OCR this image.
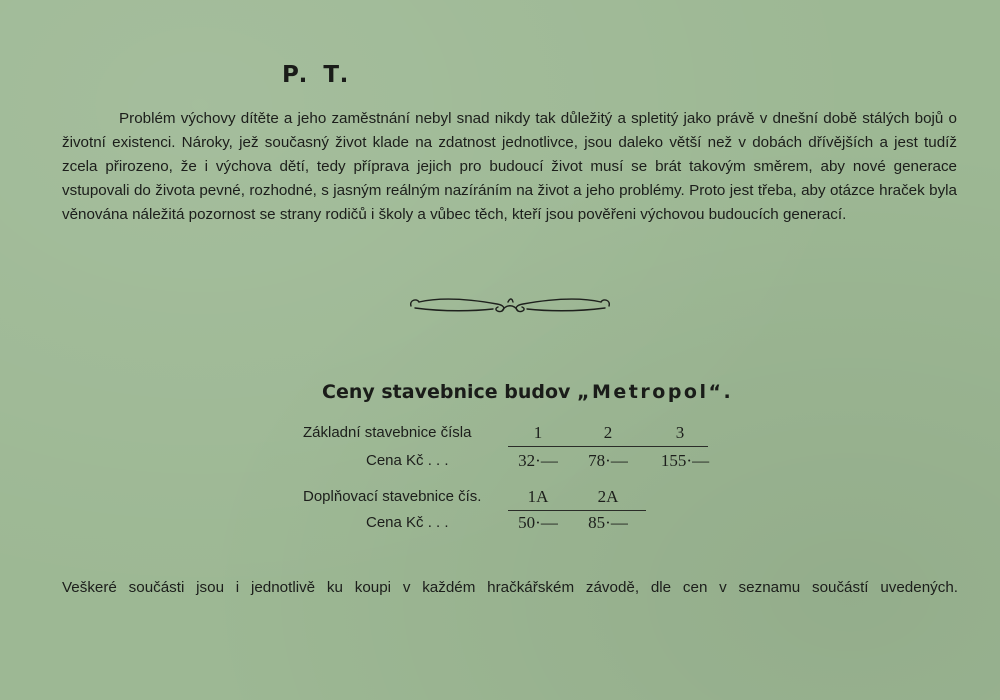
P. T.

Problém výchovy dítěte a jeho zaměstnání nebyl snad nikdy tak důležitý a spletitý jako právě v dnešní době stálých bojů o životní existenci. Nároky, jež současný život klade na zdatnost jednotlivce, jsou daleko větší než v dobách dřívějších a jest tudíž zcela přirozeno, že i výchova dětí, tedy příprava jejich pro budoucí život musí se brát takovým směrem, aby nové generace vstupovali do života pevné, rozhodné, s jasným reálným nazíráním na život a jeho problémy. Proto jest třeba, aby otázce hraček byla věnována náležitá pozornost se strany rodičů i školy a vůbec těch, kteří jsou pověřeni výchovou budoucích generací.

Ceny stavebnice budov „Metropol“.
Základní stavebnice čísla	1	2	3
Cena Kč . . .	32·—	78·—	155·—
Doplňovací stavebnice čís.	1A	2A
Cena Kč . . .	50·—	85·—

Veškeré součásti jsou i jednotlivě ku koupi v každém hračkářském závodě, dle cen v seznamu součástí uvedených.
